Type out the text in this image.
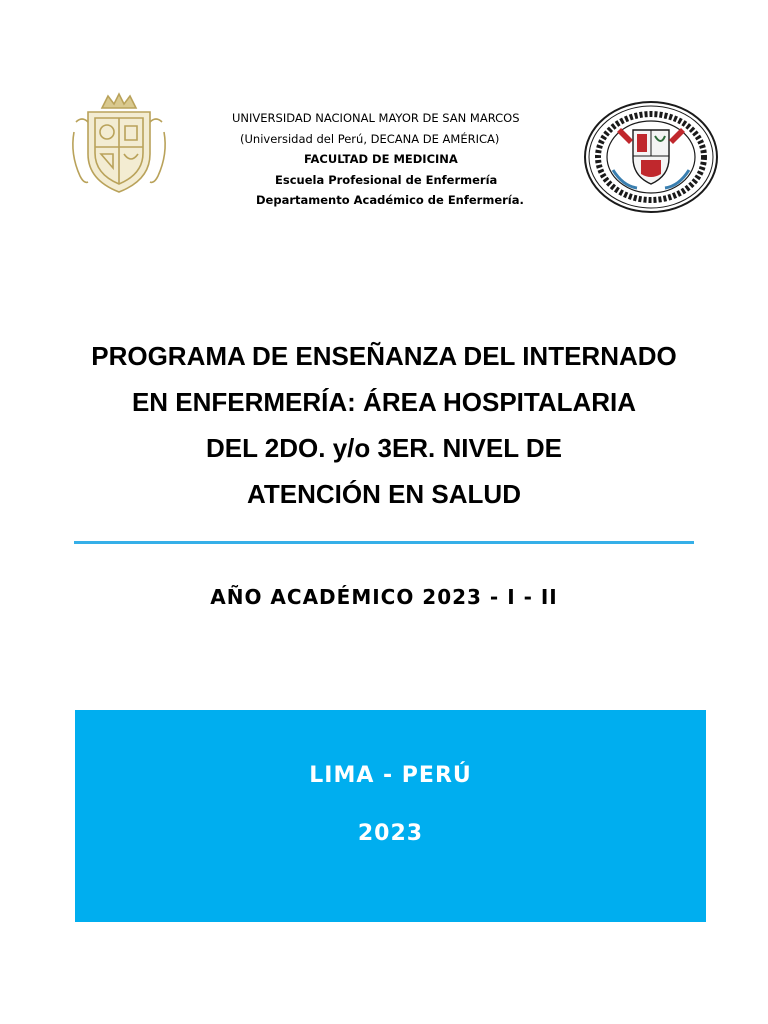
UNIVERSIDAD NACIONAL MAYOR DE SAN MARCOS
(Universidad del Perú, DECANA DE AMÉRICA)
FACULTAD DE MEDICINA
Escuela Profesional de Enfermería
Departamento Académico de Enfermería.
PROGRAMA DE ENSEÑANZA DEL INTERNADO
EN ENFERMERÍA: ÁREA HOSPITALARIA
DEL 2DO. y/o 3ER. NIVEL DE
ATENCIÓN EN SALUD
AÑO ACADÉMICO 2023 - I - II
LIMA - PERÚ
2023
